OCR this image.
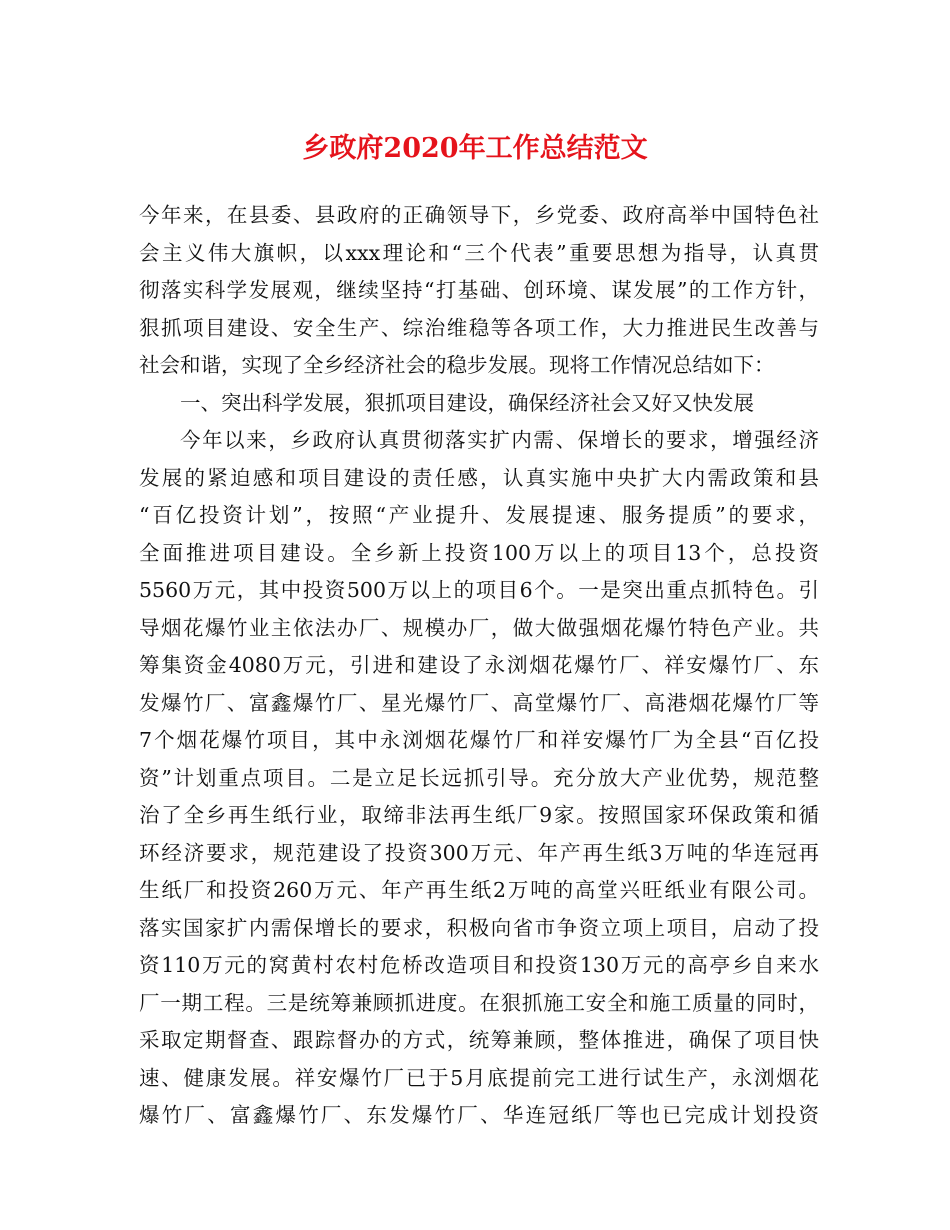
乡政府2020年工作总结范文
今年来，在县委、县政府的正确领导下，乡党委、政府高举中国特色社
会主义伟大旗帜，以xxx理论和“三个代表”重要思想为指导，认真贯
彻落实科学发展观，继续坚持“打基础、创环境、谋发展”的工作方针，
狠抓项目建设、安全生产、综治维稳等各项工作，大力推进民生改善与
社会和谐，实现了全乡经济社会的稳步发展。现将工作情况总结如下：
一、突出科学发展，狠抓项目建设，确保经济社会又好又快发展
今年以来，乡政府认真贯彻落实扩内需、保增长的要求，增强经济
发展的紧迫感和项目建设的责任感，认真实施中央扩大内需政策和县
“百亿投资计划”，按照“产业提升、发展提速、服务提质”的要求，
全面推进项目建设。全乡新上投资100万以上的项目13个，总投资
5560万元，其中投资500万以上的项目6个。一是突出重点抓特色。引
导烟花爆竹业主依法办厂、规模办厂，做大做强烟花爆竹特色产业。共
筹集资金4080万元，引进和建设了永浏烟花爆竹厂、祥安爆竹厂、东
发爆竹厂、富鑫爆竹厂、星光爆竹厂、高堂爆竹厂、高港烟花爆竹厂等
7个烟花爆竹项目，其中永浏烟花爆竹厂和祥安爆竹厂为全县“百亿投
资”计划重点项目。二是立足长远抓引导。充分放大产业优势，规范整
治了全乡再生纸行业，取缔非法再生纸厂9家。按照国家环保政策和循
环经济要求，规范建设了投资300万元、年产再生纸3万吨的华连冠再
生纸厂和投资260万元、年产再生纸2万吨的高堂兴旺纸业有限公司。
落实国家扩内需保增长的要求，积极向省市争资立项上项目，启动了投
资110万元的窝黄村农村危桥改造项目和投资130万元的高亭乡自来水
厂一期工程。三是统筹兼顾抓进度。在狠抓施工安全和施工质量的同时，
采取定期督查、跟踪督办的方式，统筹兼顾，整体推进，确保了项目快
速、健康发展。祥安爆竹厂已于5月底提前完工进行试生产，永浏烟花
爆竹厂、富鑫爆竹厂、东发爆竹厂、华连冠纸厂等也已完成计划投资
